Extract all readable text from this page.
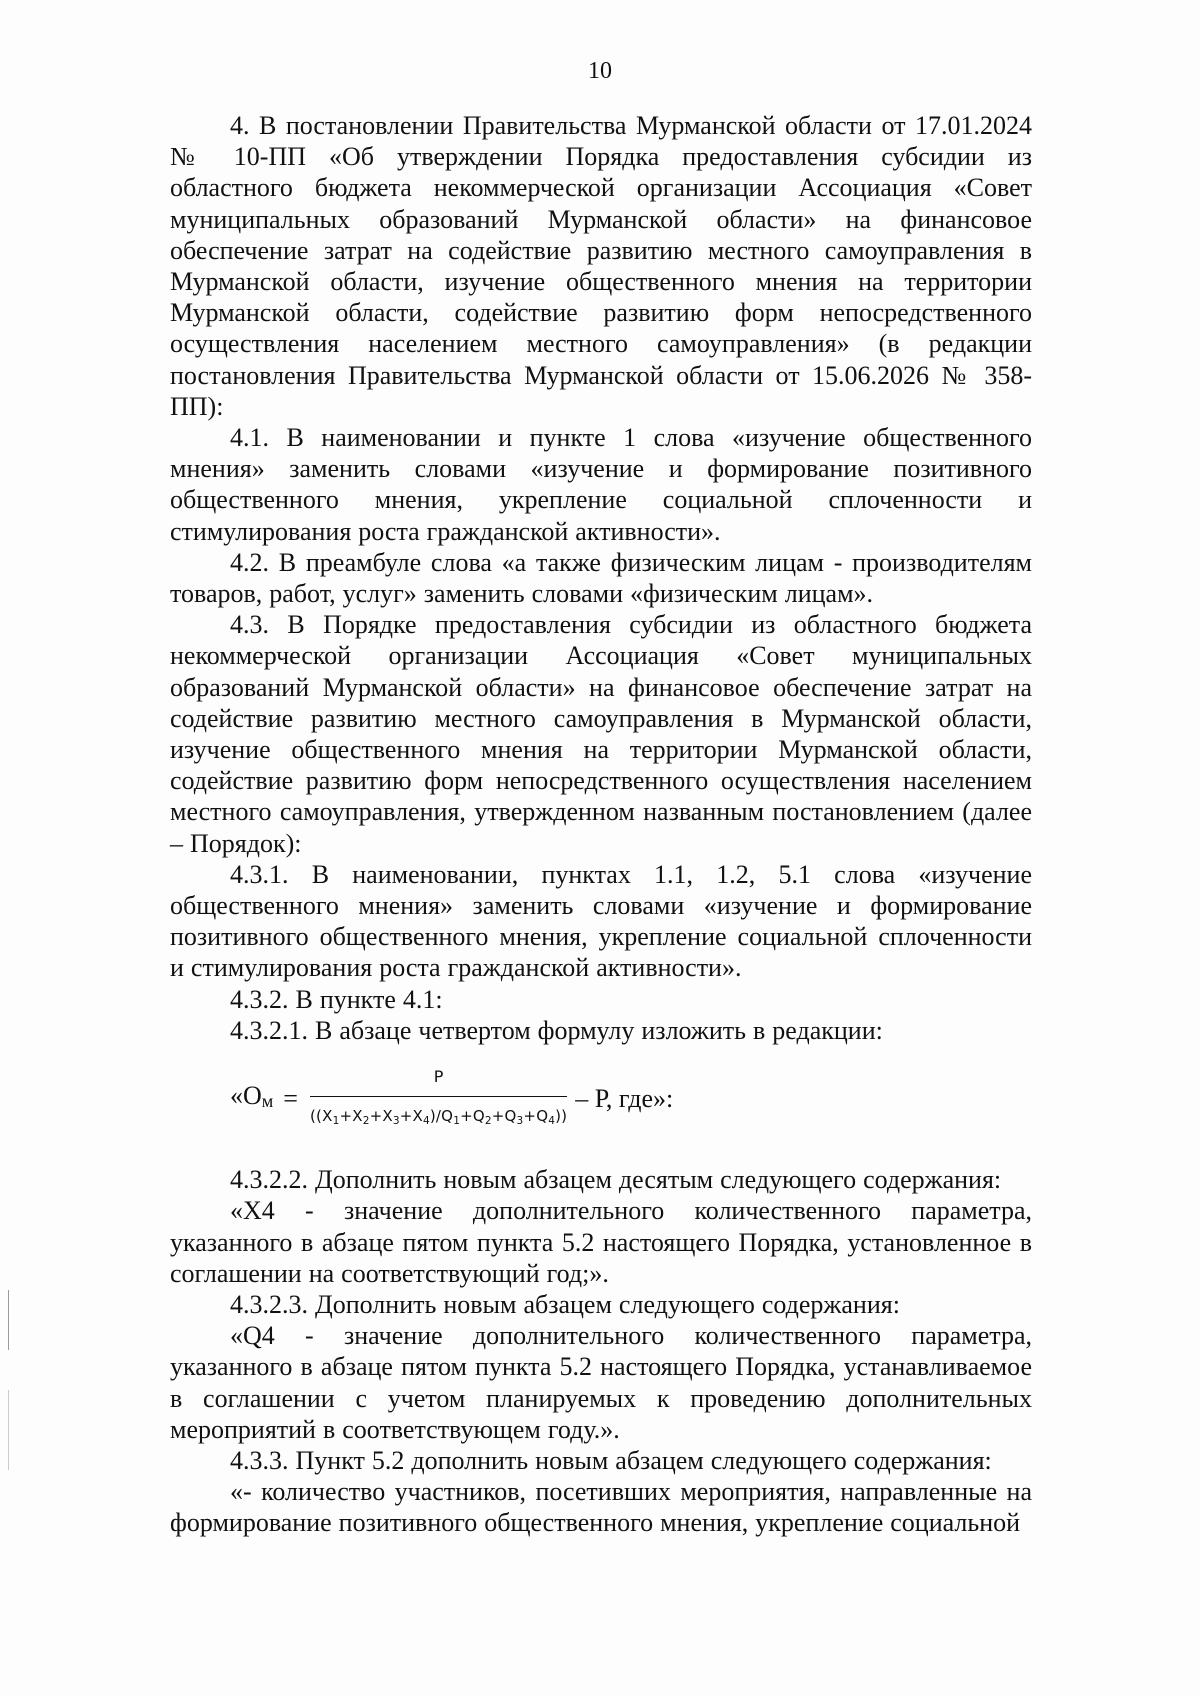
10

4. В постановлении Правительства Мурманской области от 17.01.2024 № 10-ПП «Об утверждении Порядка предоставления субсидии из областного бюджета некоммерческой организации Ассоциация «Совет муниципальных образований Мурманской области» на финансовое обеспечение затрат на содействие развитию местного самоуправления в Мурманской области, изучение общественного мнения на территории Мурманской области, содействие развитию форм непосредственного осуществления населением местного самоуправления» (в редакции постановления Правительства Мурманской области от 15.06.2026 № 358-ПП):

4.1. В наименовании и пункте 1 слова «изучение общественного мнения» заменить словами «изучение и формирование позитивного общественного мнения, укрепление социальной сплоченности и стимулирования роста гражданской активности».

4.2. В преамбуле слова «а также физическим лицам - производителям товаров, работ, услуг» заменить словами «физическим лицам».

4.3. В Порядке предоставления субсидии из областного бюджета некоммерческой организации Ассоциация «Совет муниципальных образований Мурманской области» на финансовое обеспечение затрат на содействие развитию местного самоуправления в Мурманской области, изучение общественного мнения на территории Мурманской области, содействие развитию форм непосредственного осуществления населением местного самоуправления, утвержденном названным постановлением (далее – Порядок):

4.3.1. В наименовании, пунктах 1.1, 1.2, 5.1 слова «изучение общественного мнения» заменить словами «изучение и формирование позитивного общественного мнения, укрепление социальной сплоченности и стимулирования роста гражданской активности».

4.3.2. В пункте 4.1:

4.3.2.1. В абзаце четвертом формулу изложить в редакции:

«Ом = $\frac{P}{((X_1+X_2+X_3+X_4)/Q_1+Q_2+Q_3+Q_4))}$ – Р, где»:

4.3.2.2. Дополнить новым абзацем десятым следующего содержания:

«X4 - значение дополнительного количественного параметра, указанного в абзаце пятом пункта 5.2 настоящего Порядка, установленное в соглашении на соответствующий год;».

4.3.2.3. Дополнить новым абзацем следующего содержания:

«Q4 - значение дополнительного количественного параметра, указанного в абзаце пятом пункта 5.2 настоящего Порядка, устанавливаемое в соглашении с учетом планируемых к проведению дополнительных мероприятий в соответствующем году.».

4.3.3. Пункт 5.2 дополнить новым абзацем следующего содержания:

«- количество участников, посетивших мероприятия, направленные на формирование позитивного общественного мнения, укрепление социальной
